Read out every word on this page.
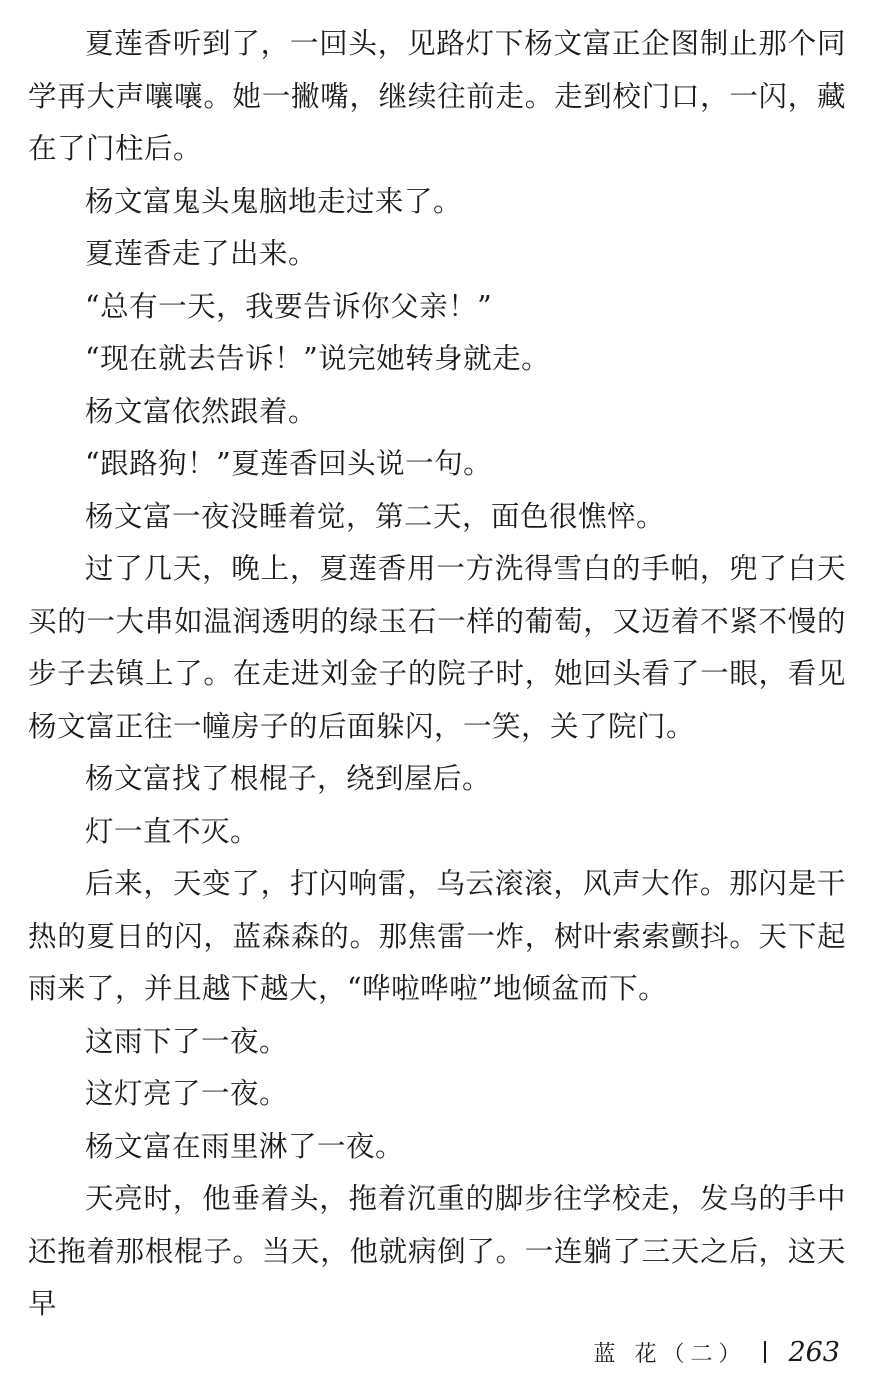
夏莲香听到了，一回头，见路灯下杨文富正企图制止那个同学再大声嚷嚷。她一撇嘴，继续往前走。走到校门口，一闪，藏在了门柱后。

杨文富鬼头鬼脑地走过来了。

夏莲香走了出来。

“总有一天，我要告诉你父亲！”

“现在就去告诉！”说完她转身就走。

杨文富依然跟着。

“跟路狗！”夏莲香回头说一句。

杨文富一夜没睡着觉，第二天，面色很憔悴。

过了几天，晚上，夏莲香用一方洗得雪白的手帕，兜了白天买的一大串如温润透明的绿玉石一样的葡萄，又迈着不紧不慢的步子去镇上了。在走进刘金子的院子时，她回头看了一眼，看见杨文富正往一幢房子的后面躲闪，一笑，关了院门。

杨文富找了根棍子，绕到屋后。

灯一直不灭。

后来，天变了，打闪响雷，乌云滚滚，风声大作。那闪是干热的夏日的闪，蓝森森的。那焦雷一炸，树叶索索颤抖。天下起雨来了，并且越下越大，“哗啦哗啦”地倾盆而下。

这雨下了一夜。

这灯亮了一夜。

杨文富在雨里淋了一夜。

天亮时，他垂着头，拖着沉重的脚步往学校走，发乌的手中还拖着那根棍子。当天，他就病倒了。一连躺了三天之后，这天早

蓝 花（二） 263
